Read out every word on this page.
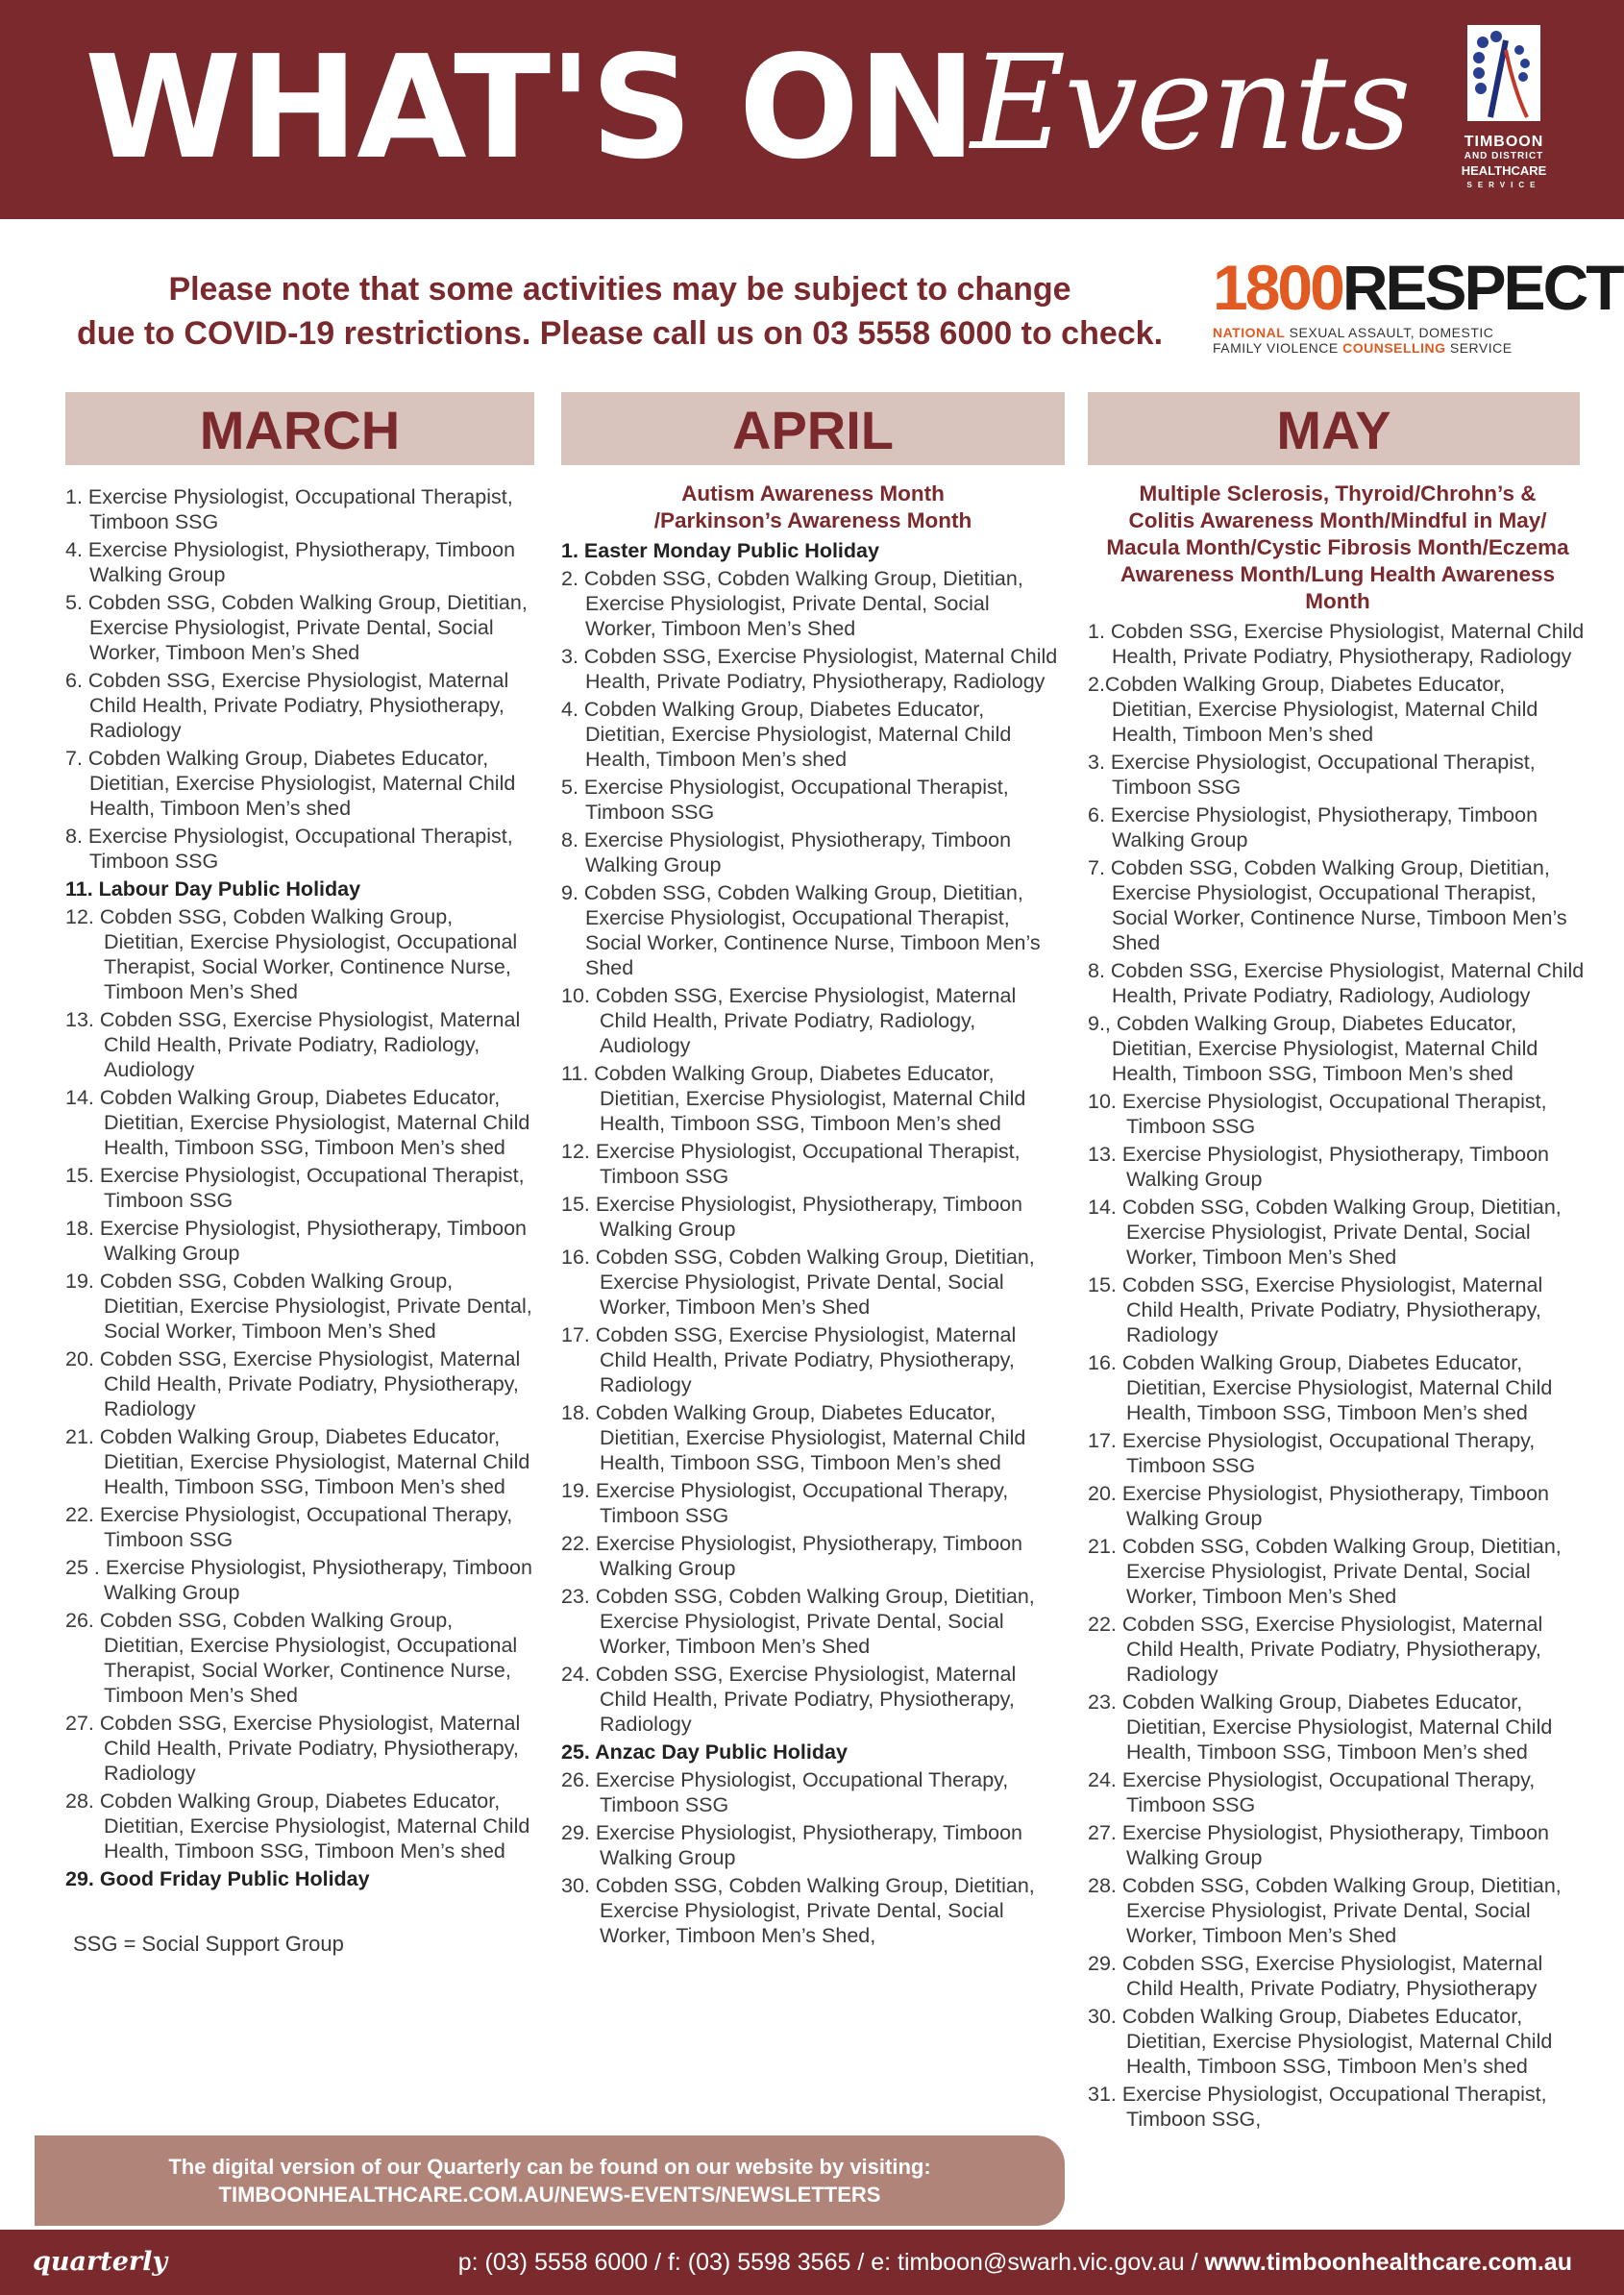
WHAT'S ON
Events	TIMBOON
AND DISTRICT
HEALTHCARE
SERVICE
Please note that some activities may be subject to change
due to COVID-19 restrictions. Please call us on 03 5558 6000 to check.
1800RESPECT
NATIONAL SEXUAL ASSAULT, DOMESTIC
FAMILY VIOLENCE COUNSELLING SERVICE
MARCH
1. Exercise Physiologist, Occupational Therapist, Timboon SSG
4. Exercise Physiologist, Physiotherapy, Timboon Walking Group
5. Cobden SSG, Cobden Walking Group, Dietitian, Exercise Physiologist, Private Dental, Social Worker, Timboon Men’s Shed
6. Cobden SSG, Exercise Physiologist, Maternal Child Health, Private Podiatry, Physiotherapy, Radiology
7. Cobden Walking Group, Diabetes Educator, Dietitian, Exercise Physiologist, Maternal Child Health, Timboon Men’s shed
8. Exercise Physiologist, Occupational Therapist, Timboon SSG
11. Labour Day Public Holiday
12. Cobden SSG, Cobden Walking Group, Dietitian, Exercise Physiologist, Occupational Therapist, Social Worker, Continence Nurse, Timboon Men’s Shed
13. Cobden SSG, Exercise Physiologist, Maternal Child Health, Private Podiatry, Radiology, Audiology
14. Cobden Walking Group, Diabetes Educator, Dietitian, Exercise Physiologist, Maternal Child Health, Timboon SSG, Timboon Men’s shed
15. Exercise Physiologist, Occupational Therapist, Timboon SSG
18. Exercise Physiologist, Physiotherapy, Timboon Walking Group
19. Cobden SSG, Cobden Walking Group, Dietitian, Exercise Physiologist, Private Dental, Social Worker, Timboon Men’s Shed
20. Cobden SSG, Exercise Physiologist, Maternal Child Health, Private Podiatry, Physiotherapy, Radiology
21. Cobden Walking Group, Diabetes Educator, Dietitian, Exercise Physiologist, Maternal Child Health, Timboon SSG, Timboon Men’s shed
22. Exercise Physiologist, Occupational Therapy, Timboon SSG
25 . Exercise Physiologist, Physiotherapy, Timboon Walking Group
26. Cobden SSG, Cobden Walking Group, Dietitian, Exercise Physiologist, Occupational Therapist, Social Worker, Continence Nurse, Timboon Men’s Shed
27. Cobden SSG, Exercise Physiologist, Maternal Child Health, Private Podiatry, Physiotherapy, Radiology
28. Cobden Walking Group, Diabetes Educator, Dietitian, Exercise Physiologist, Maternal Child Health, Timboon SSG, Timboon Men’s shed
29. Good Friday Public Holiday
SSG = Social Support Group
APRIL
Autism Awareness Month
/Parkinson’s Awareness Month
1. Easter Monday Public Holiday
2. Cobden SSG, Cobden Walking Group, Dietitian, Exercise Physiologist, Private Dental, Social Worker, Timboon Men’s Shed
3. Cobden SSG, Exercise Physiologist, Maternal Child Health, Private Podiatry, Physiotherapy, Radiology
4. Cobden Walking Group, Diabetes Educator, Dietitian, Exercise Physiologist, Maternal Child Health, Timboon Men’s shed
5. Exercise Physiologist, Occupational Therapist, Timboon SSG
8. Exercise Physiologist, Physiotherapy, Timboon Walking Group
9. Cobden SSG, Cobden Walking Group, Dietitian, Exercise Physiologist, Occupational Therapist, Social Worker, Continence Nurse, Timboon Men’s Shed
10. Cobden SSG, Exercise Physiologist, Maternal Child Health, Private Podiatry, Radiology, Audiology
11. Cobden Walking Group, Diabetes Educator, Dietitian, Exercise Physiologist, Maternal Child Health, Timboon SSG, Timboon Men’s shed
12. Exercise Physiologist, Occupational Therapist, Timboon SSG
15. Exercise Physiologist, Physiotherapy, Timboon Walking Group
16. Cobden SSG, Cobden Walking Group, Dietitian, Exercise Physiologist, Private Dental, Social Worker, Timboon Men’s Shed
17. Cobden SSG, Exercise Physiologist, Maternal Child Health, Private Podiatry, Physiotherapy, Radiology
18. Cobden Walking Group, Diabetes Educator, Dietitian, Exercise Physiologist, Maternal Child Health, Timboon SSG, Timboon Men’s shed
19. Exercise Physiologist, Occupational Therapy, Timboon SSG
22. Exercise Physiologist, Physiotherapy, Timboon Walking Group
23. Cobden SSG, Cobden Walking Group, Dietitian, Exercise Physiologist, Private Dental, Social Worker, Timboon Men’s Shed
24. Cobden SSG, Exercise Physiologist, Maternal Child Health, Private Podiatry, Physiotherapy, Radiology
25. Anzac Day Public Holiday
26. Exercise Physiologist, Occupational Therapy, Timboon SSG
29. Exercise Physiologist, Physiotherapy, Timboon Walking Group
30. Cobden SSG, Cobden Walking Group, Dietitian, Exercise Physiologist, Private Dental, Social Worker, Timboon Men’s Shed,
MAY
Multiple Sclerosis, Thyroid/Chrohn’s &
Colitis Awareness Month/Mindful in May/
Macula Month/Cystic Fibrosis Month/Eczema
Awareness Month/Lung Health Awareness
Month
1. Cobden SSG, Exercise Physiologist, Maternal Child Health, Private Podiatry, Physiotherapy, Radiology
2.Cobden Walking Group, Diabetes Educator, Dietitian, Exercise Physiologist, Maternal Child Health, Timboon Men’s shed
3. Exercise Physiologist, Occupational Therapist, Timboon SSG
6. Exercise Physiologist, Physiotherapy, Timboon Walking Group
7. Cobden SSG, Cobden Walking Group, Dietitian, Exercise Physiologist, Occupational Therapist, Social Worker, Continence Nurse, Timboon Men’s Shed
8. Cobden SSG, Exercise Physiologist, Maternal Child Health, Private Podiatry, Radiology, Audiology
9., Cobden Walking Group, Diabetes Educator, Dietitian, Exercise Physiologist, Maternal Child Health, Timboon SSG, Timboon Men’s shed
10. Exercise Physiologist, Occupational Therapist, Timboon SSG
13. Exercise Physiologist, Physiotherapy, Timboon Walking Group
14. Cobden SSG, Cobden Walking Group, Dietitian, Exercise Physiologist, Private Dental, Social Worker, Timboon Men’s Shed
15. Cobden SSG, Exercise Physiologist, Maternal Child Health, Private Podiatry, Physiotherapy, Radiology
16. Cobden Walking Group, Diabetes Educator, Dietitian, Exercise Physiologist, Maternal Child Health, Timboon SSG, Timboon Men’s shed
17. Exercise Physiologist, Occupational Therapy, Timboon SSG
20. Exercise Physiologist, Physiotherapy, Timboon Walking Group
21. Cobden SSG, Cobden Walking Group, Dietitian, Exercise Physiologist, Private Dental, Social Worker, Timboon Men’s Shed
22. Cobden SSG, Exercise Physiologist, Maternal Child Health, Private Podiatry, Physiotherapy, Radiology
23. Cobden Walking Group, Diabetes Educator, Dietitian, Exercise Physiologist, Maternal Child Health, Timboon SSG, Timboon Men’s shed
24. Exercise Physiologist, Occupational Therapy, Timboon SSG
27. Exercise Physiologist, Physiotherapy, Timboon Walking Group
28. Cobden SSG, Cobden Walking Group, Dietitian, Exercise Physiologist, Private Dental, Social Worker, Timboon Men’s Shed
29. Cobden SSG, Exercise Physiologist, Maternal Child Health, Private Podiatry, Physiotherapy
30. Cobden Walking Group, Diabetes Educator, Dietitian, Exercise Physiologist, Maternal Child Health, Timboon SSG, Timboon Men’s shed
31. Exercise Physiologist, Occupational Therapist, Timboon SSG,
The digital version of our Quarterly can be found on our website by visiting:
TIMBOONHEALTHCARE.COM.AU/NEWS-EVENTS/NEWSLETTERS
quarterly	p: (03) 5558 6000 / f: (03) 5598 3565 / e: timboon@swarh.vic.gov.au / www.timboonhealthcare.com.au
